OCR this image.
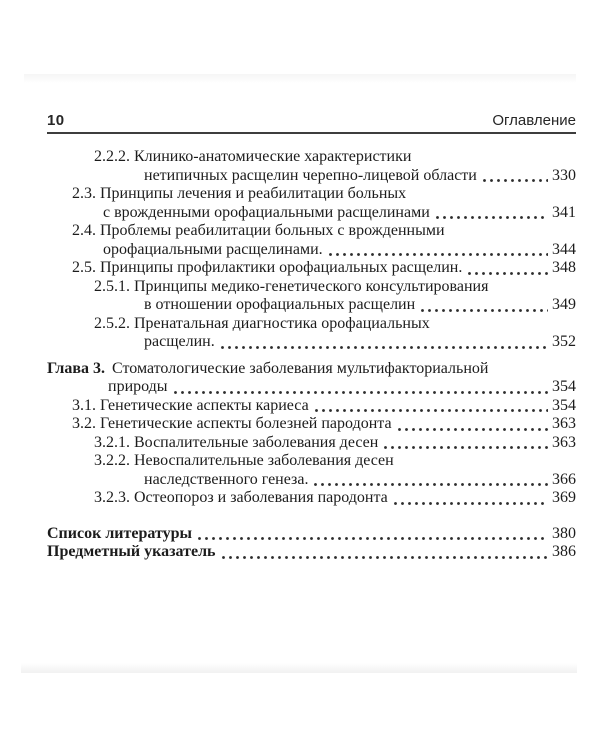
10	Оглавление
2.2.2. Клинико-анатомические характеристики
нетипичных расщелин черепно-лицевой области	330
2.3. Принципы лечения и реабилитации больных
с врожденными орофациальными расщелинами	341
2.4. Проблемы реабилитации больных с врожденными
орофациальными расщелинами.	344
2.5. Принципы профилактики орофациальных расщелин.	348
2.5.1. Принципы медико-генетического консультирования
в отношении орофациальных расщелин	349
2.5.2. Пренатальная диагностика орофациальных
расщелин.	352
Глава 3. Стоматологические заболевания мультифакториальной
природы	354
3.1. Генетические аспекты кариеса	354
3.2. Генетические аспекты болезней пародонта	363
3.2.1. Воспалительные заболевания десен	363
3.2.2. Невоспалительные заболевания десен
наследственного генеза.	366
3.2.3. Остеопороз и заболевания пародонта	369
Список литературы	380
Предметный указатель	386
